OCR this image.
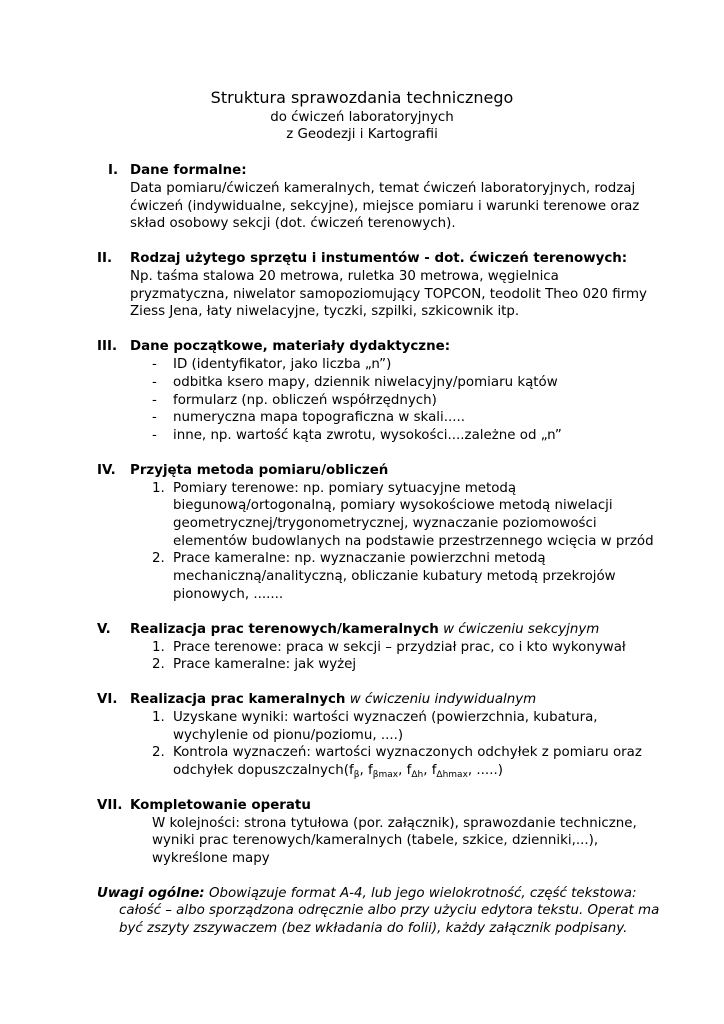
Struktura sprawozdania technicznego
do ćwiczeń laboratoryjnych
z Geodezji i Kartografii
I. Dane formalne:
Data pomiaru/ćwiczeń kameralnych, temat ćwiczeń laboratoryjnych, rodzaj
ćwiczeń (indywidualne, sekcyjne), miejsce pomiaru i warunki terenowe oraz
skład osobowy sekcji (dot. ćwiczeń terenowych).
II. Rodzaj użytego sprzętu i instumentów - dot. ćwiczeń terenowych:
Np. taśma stalowa 20 metrowa, ruletka 30 metrowa, węgielnica
pryzmatyczna, niwelator samopoziomujący TOPCON, teodolit Theo 020 firmy
Ziess Jena, łaty niwelacyjne, tyczki, szpilki, szkicownik itp.
III. Dane początkowe, materiały dydaktyczne:
- ID (identyfikator, jako liczba „n”)
- odbitka ksero mapy, dziennik niwelacyjny/pomiaru kątów
- formularz (np. obliczeń współrzędnych)
- numeryczna mapa topograficzna w skali.....
- inne, np. wartość kąta zwrotu, wysokości....zależne od „n”
IV. Przyjęta metoda pomiaru/obliczeń
1. Pomiary terenowe: np. pomiary sytuacyjne metodą
biegunową/ortogonalną, pomiary wysokościowe metodą niwelacji
geometrycznej/trygonometrycznej, wyznaczanie poziomowości
elementów budowlanych na podstawie przestrzennego wcięcia w przód
2. Prace kameralne: np. wyznaczanie powierzchni metodą
mechaniczną/analityczną, obliczanie kubatury metodą przekrojów
pionowych, .......
V. Realizacja prac terenowych/kameralnych w ćwiczeniu sekcyjnym
1. Prace terenowe: praca w sekcji – przydział prac, co i kto wykonywał
2. Prace kameralne: jak wyżej
VI. Realizacja prac kameralnych w ćwiczeniu indywidualnym
1. Uzyskane wyniki: wartości wyznaczeń (powierzchnia, kubatura,
wychylenie od pionu/poziomu, ....)
2. Kontrola wyznaczeń: wartości wyznaczonych odchyłek z pomiaru oraz
odchyłek $dopuszczalnych(f_\beta$, $f_{\beta max}$, $f_{\Delta h}$, $f_{\Delta hmax}$, .....)
VII. Kompletowanie operatu
W kolejności: strona tytułowa (por. załącznik), sprawozdanie techniczne,
wyniki prac terenowych/kameralnych (tabele, szkice, dzienniki,...),
wykreślone mapy
Uwagi ogólne: Obowiązuje format A-4, lub jego wielokrotność, część tekstowa:
całość – albo sporządzona odręcznie albo przy użyciu edytora tekstu. Operat ma
być zszyty zszywaczem (bez wkładania do folii), każdy załącznik podpisany.
